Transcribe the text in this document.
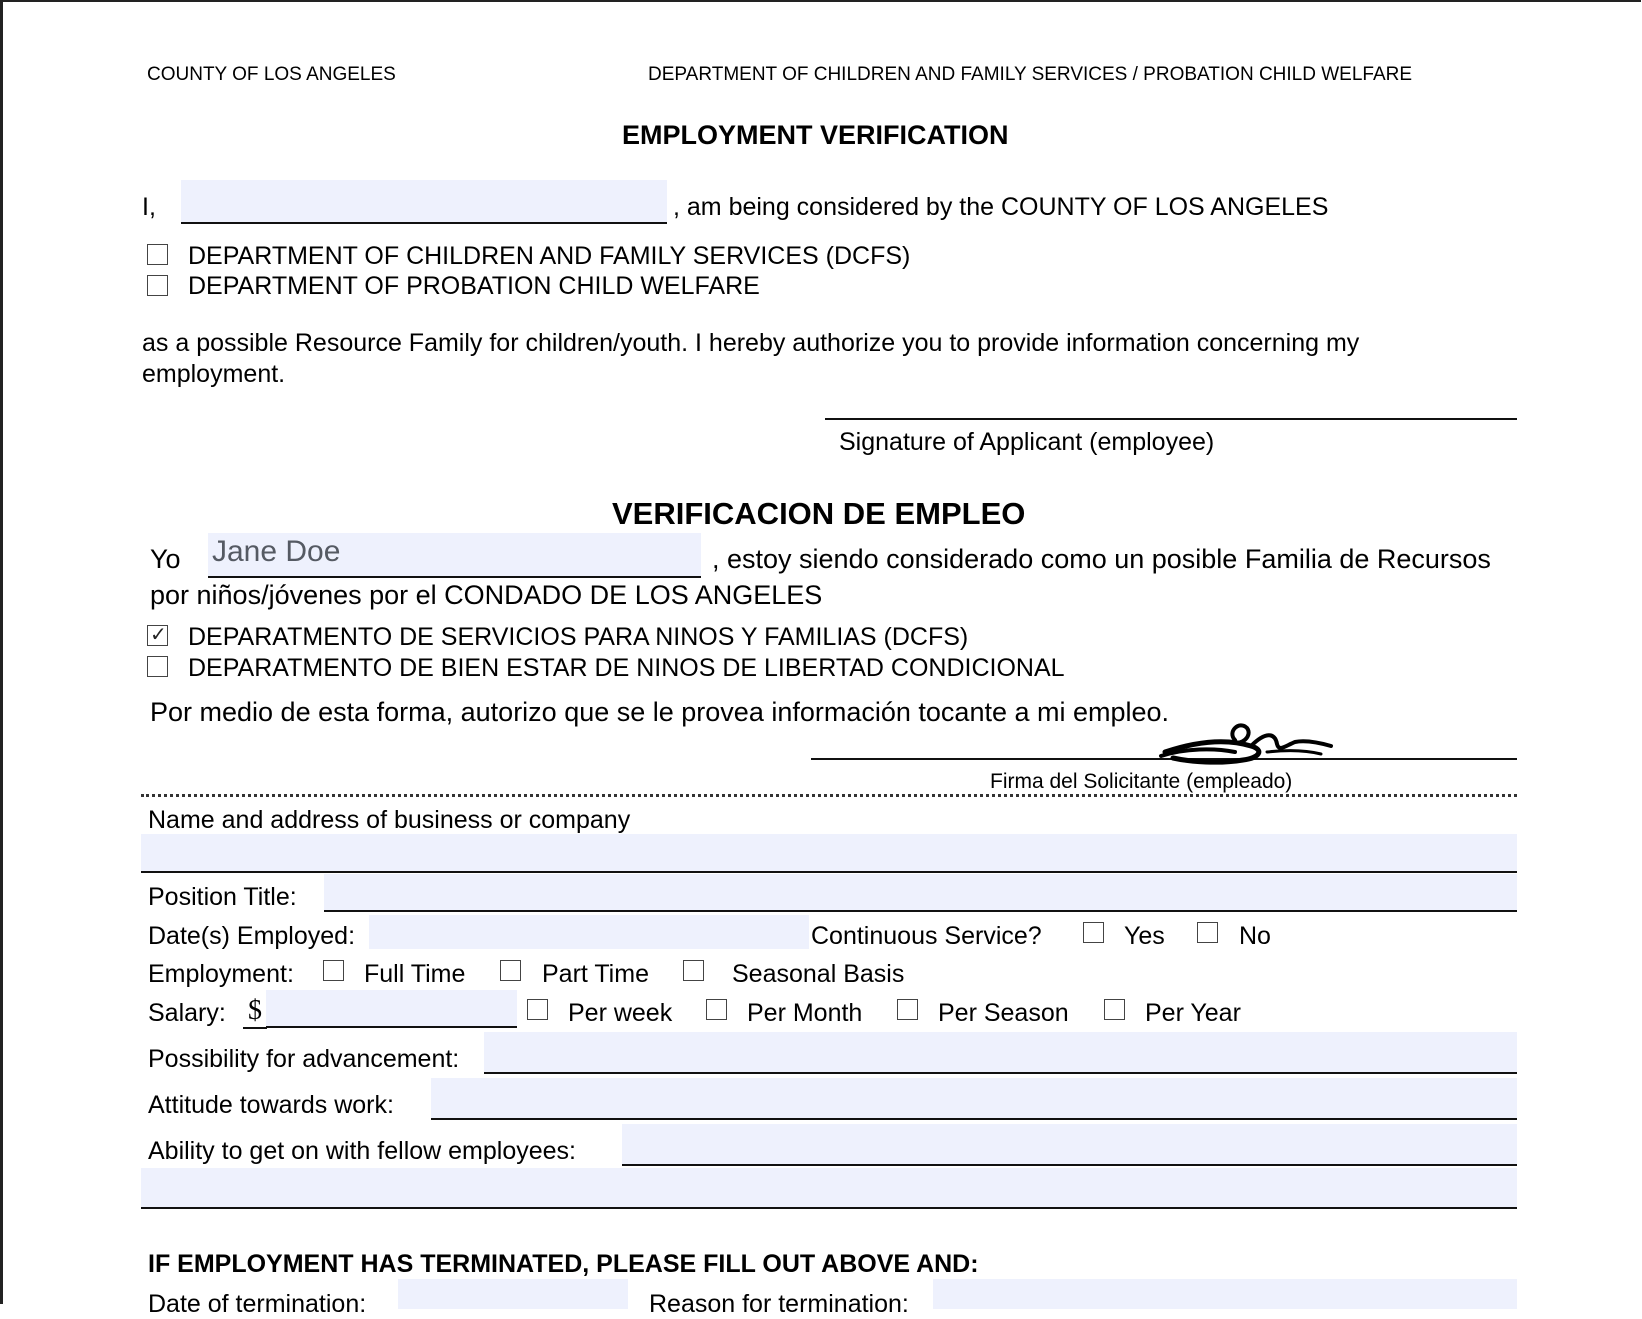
COUNTY OF LOS ANGELES	DEPARTMENT OF CHILDREN AND FAMILY SERVICES / PROBATION CHILD WELFARE
EMPLOYMENT VERIFICATION
I,	, am being considered by the COUNTY OF LOS ANGELES
DEPARTMENT OF CHILDREN AND FAMILY SERVICES (DCFS)
DEPARTMENT OF PROBATION CHILD WELFARE
as a possible Resource Family for children/youth. I hereby authorize you to provide information concerning my
employment.
Signature of Applicant (employee)
VERIFICACION DE EMPLEO
Yo Jane Doe	, estoy siendo considerado como un posible Familia de Recursos
por niños/jóvenes por el CONDADO DE LOS ANGELES
✓ DEPARATMENTO DE SERVICIOS PARA NINOS Y FAMILIAS (DCFS)
DEPARATMENTO DE BIEN ESTAR DE NINOS DE LIBERTAD CONDICIONAL
Por medio de esta forma, autorizo que se le provea información tocante a mi empleo.
Firma del Solicitante (empleado)
Name and address of business or company
Position Title:
Date(s) Employed:	Continuous Service?	Yes	No
Employment:	Full Time	Part Time	Seasonal Basis
Salary: $	Per week	Per Month	Per Season	Per Year
Possibility for advancement:
Attitude towards work:
Ability to get on with fellow employees:
IF EMPLOYMENT HAS TERMINATED, PLEASE FILL OUT ABOVE AND:
Date of termination:	Reason for termination:
